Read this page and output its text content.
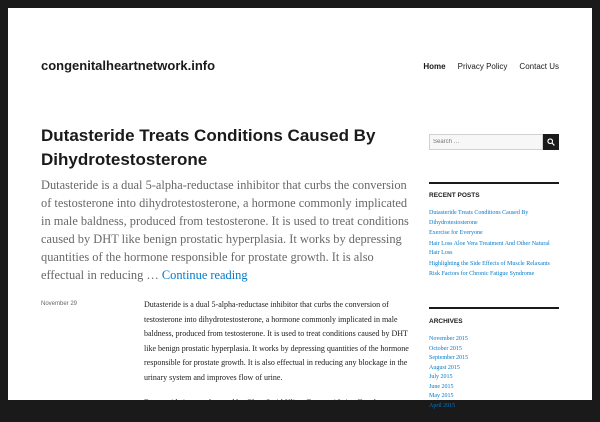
congenitalheartnetwork.info	Home Privacy Policy Contact Us
Dutasteride Treats Conditions Caused By Dihydrotestosterone
Dutasteride is a dual 5-alpha-reductase inhibitor that curbs the conversion of testosterone into dihydrotestosterone, a hormone commonly implicated in male baldness, produced from testosterone. It is used to treat conditions caused by DHT like benign prostatic hyperplasia. It works by depressing quantities of the hormone responsible for prostate growth. It is also effectual in reducing … Continue reading
November 29	Dutasteride is a dual 5-alpha-reductase inhibitor that curbs the conversion of testosterone into dihydrotestosterone, a hormone commonly implicated in male baldness, produced from testosterone. It is used to treat conditions caused by DHT like benign prostatic hyperplasia. It works by depressing quantities of the hormone responsible for prostate growth. It is also effectual in reducing any blockage in the urinary system and improves flow of urine.

Dutasteride is manufactured by GlaxoSmithKline. Dutasteride is offered

Search …
RECENT POSTS
Dutasteride Treats Conditions Caused By Dihydrotestosterone
Exercise for Everyone
Hair Loss Aloe Vera Treatment And Other Natural Hair Loss
Highlighting the Side Effects of Muscle Relaxants
Risk Factors for Chronic Fatigue Syndrome
ARCHIVES
November 2015
October 2015
September 2015
August 2015
July 2015
June 2015
May 2015
April 2015
